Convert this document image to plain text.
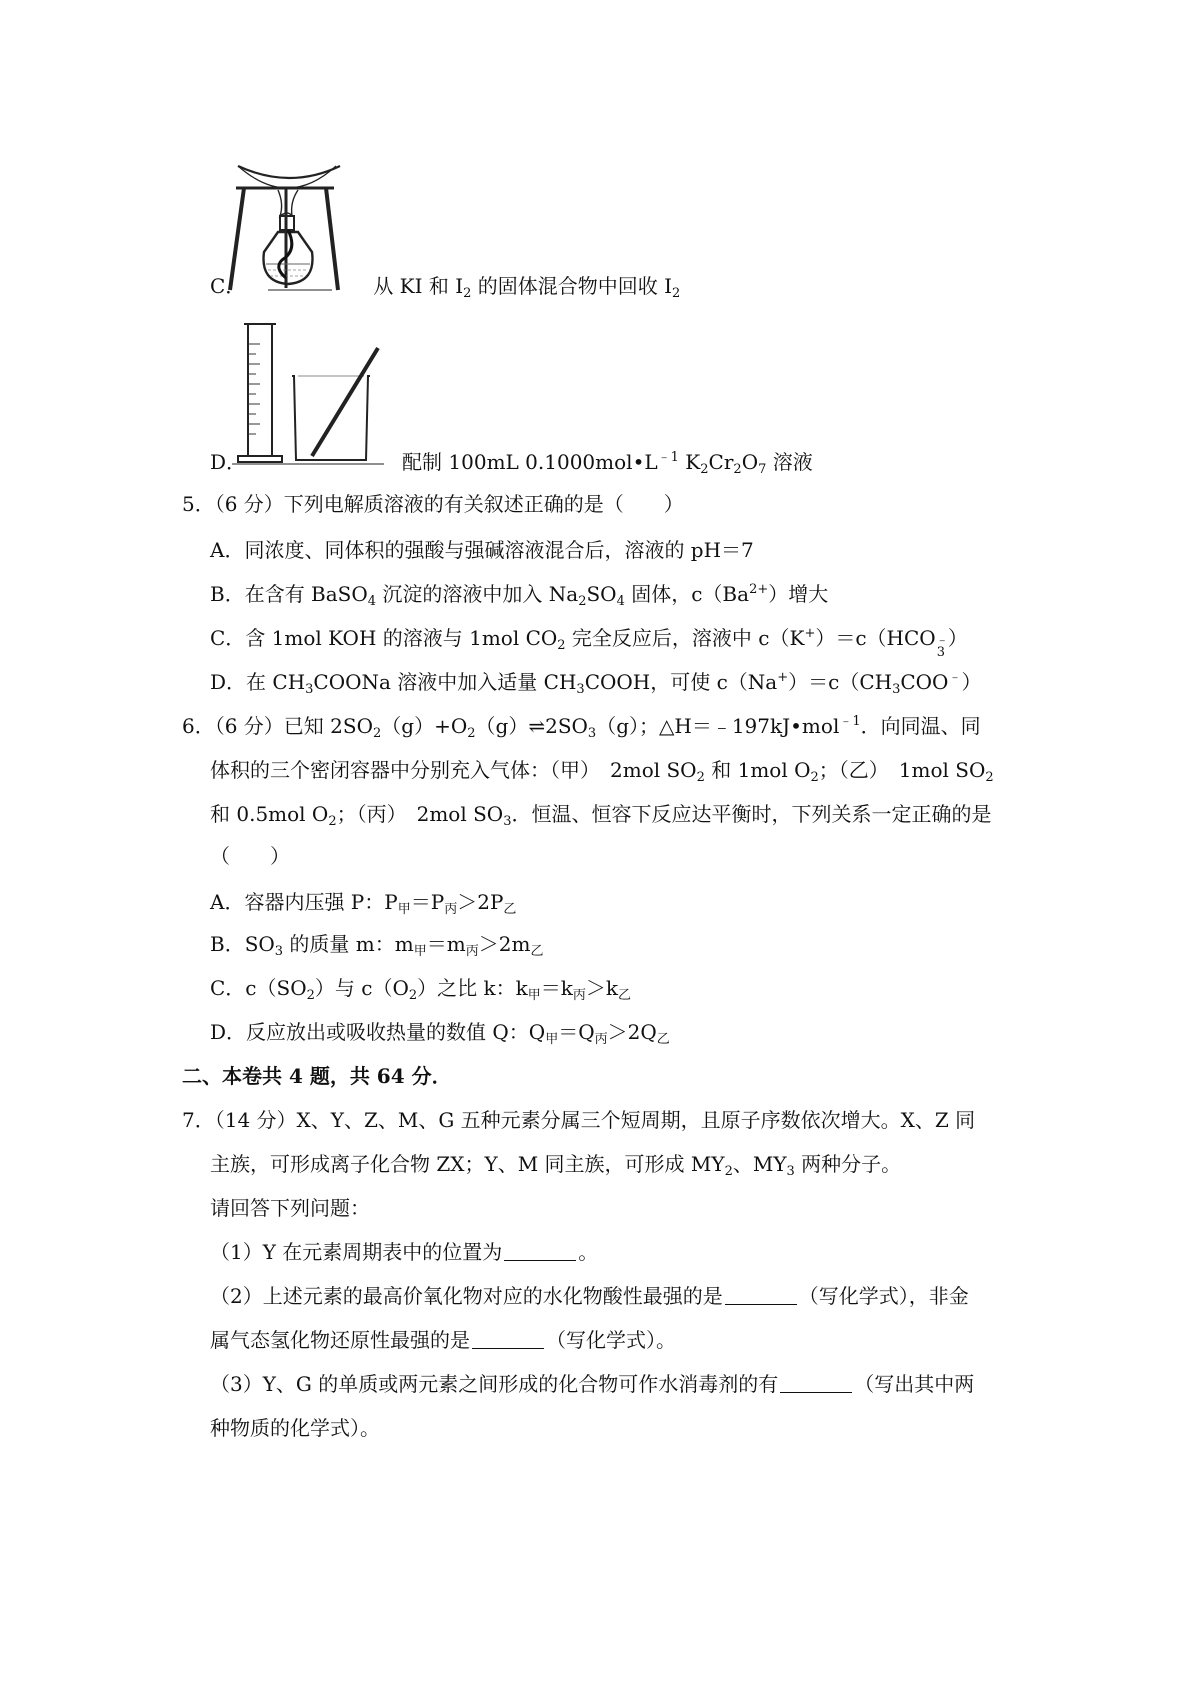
C．	从 KI 和 $I_2$ 的固体混合物中回收 $I_2$
D．	配制 100mL $0.1000mol•L^{﹣1}$ $K_2Cr_2O_7$ 溶液
5．（6 分）下列电解质溶液的有关叙述正确的是（　　）
A．同浓度、同体积的强酸与强碱溶液混合后，溶液的 pH＝7
B．在含有 BaSO$_4$ 沉淀的溶液中加入 $Na_2SO_4$ 固体，$c(Ba^{2+})$增大
C．含 1mol KOH 的溶液与 1mol $CO_2$ 完全反应后，溶液中 c（K+）＝c（HCO ﹣
3
）
D．在 $CH_3COONa$ 溶液中加入适量 $CH_3COOH$，可使 $c(Na^+)=c(CH_3COO^﹣)$
6．（6 分）已知 $2SO_2(g)+O_2(g)\rightleftharpoons 2SO_3(g)$；△H＝﹣197kJ•mol$^{﹣1}$．向同温、同
体积的三个密闭容器中分别充入气体：（甲）　2mol $SO_2$ 和 1mol $O_2$；（乙）　1mol $SO_2$
和 0.5mol $O_2$；（丙）　2mol $SO_3$．恒温、恒容下反应达平衡时，下列关系一定正确的是
（　　）
A．容器内压强 P：$P_甲=P_丙>2P_乙$
B．$SO_3$ 的质量 m：$m_甲=m_丙>2m_乙$
C．$c(SO_2)$与 $c(O_2)$之比 k：$k_甲=k_丙>k_乙$
D．反应放出或吸收热量的数值 Q：$Q_甲=Q_丙>2Q_乙$
二、本卷共 4 题，共 64 分．
7．（14 分）X、Y、Z、M、G 五种元素分属三个短周期，且原子序数依次增大。X、Z 同
主族，可形成离子化合物 ZX；Y、M 同主族，可形成 $MY_2$、$MY_3$ 两种分子。
请回答下列问题：
（1）Y 在元素周期表中的位置为	。
（2）上述元素的最高价氧化物对应的水化物酸性最强的是	（写化学式），非金
属气态氢化物还原性最强的是	（写化学式）。
（3）Y、G 的单质或两元素之间形成的化合物可作水消毒剂的有	（写出其中两
种物质的化学式）。
